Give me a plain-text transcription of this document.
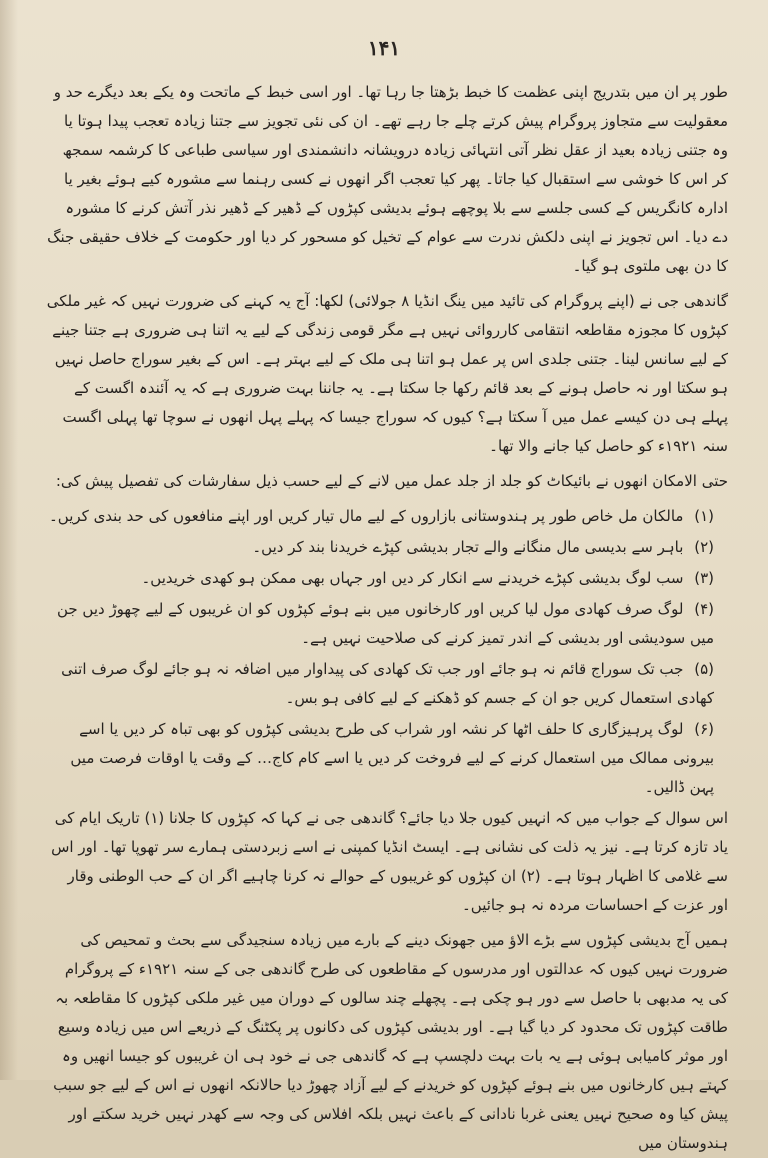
۱۴۱

طور پر ان میں بتدریج اپنی عظمت کا خبط بڑھتا جا رہا تھا۔ اور اسی خبط کے ماتحت وہ یکے بعد دیگرے حد و معقولیت سے متجاوز پروگرام پیش کرتے چلے جا رہے تھے۔ ان کی نئی تجویز سے جتنا زیادہ تعجب پیدا ہوتا یا وہ جتنی زیادہ بعید از عقل نظر آتی انتہائی زیادہ درویشانہ دانشمندی اور سیاسی طباعی کا کرشمہ سمجھ کر اس کا خوشی سے استقبال کیا جاتا۔ پھر کیا تعجب اگر انھوں نے کسی رہنما سے مشورہ کیے ہوئے بغیر یا ادارہ کانگریس کے کسی جلسے سے بلا پوچھے ہوئے بدیشی کپڑوں کے ڈھیر کے ڈھیر نذر آتش کرنے کا مشورہ دے دیا۔ اس تجویز نے اپنی دلکش ندرت سے عوام کے تخیل کو مسحور کر دیا اور حکومت کے خلاف حقیقی جنگ کا دن بھی ملتوی ہو گیا۔

گاندھی جی نے (اپنے پروگرام کی تائید میں ینگ انڈیا ۸ جولائی) لکھا: آج یہ کہنے کی ضرورت نہیں کہ غیر ملکی کپڑوں کا مجوزہ مقاطعہ انتقامی کارروائی نہیں ہے مگر قومی زندگی کے لیے یہ اتنا ہی ضروری ہے جتنا جینے کے لیے سانس لینا۔ جتنی جلدی اس پر عمل ہو اتنا ہی ملک کے لیے بہتر ہے۔ اس کے بغیر سوراج حاصل نہیں ہو سکتا اور نہ حاصل ہونے کے بعد قائم رکھا جا سکتا ہے۔ یہ جاننا بہت ضروری ہے کہ یہ آئندہ اگست کے پہلے ہی دن کیسے عمل میں آ سکتا ہے؟ کیوں کہ سوراج جیسا کہ پہلے پہل انھوں نے سوچا تھا پہلی اگست سنہ ۱۹۲۱ء کو حاصل کیا جانے والا تھا۔

حتی الامکان انھوں نے بائیکاٹ کو جلد از جلد عمل میں لانے کے لیے حسب ذیل سفارشات کی تفصیل پیش کی:

(۱) مالکان مل خاص طور پر ہندوستانی بازاروں کے لیے مال تیار کریں اور اپنے منافعوں کی حد بندی کریں۔

(۲) باہر سے بدیسی مال منگانے والے تجار بدیشی کپڑے خریدنا بند کر دیں۔

(۳) سب لوگ بدیشی کپڑے خریدنے سے انکار کر دیں اور جہاں بھی ممکن ہو کھدی خریدیں۔

(۴) لوگ صرف کھادی مول لیا کریں اور کارخانوں میں بنے ہوئے کپڑوں کو ان غریبوں کے لیے چھوڑ دیں جن میں سودیشی اور بدیشی کے اندر تمیز کرنے کی صلاحیت نہیں ہے۔

(۵) جب تک سوراج قائم نہ ہو جائے اور جب تک کھادی کی پیداوار میں اضافہ نہ ہو جائے لوگ صرف اتنی کھادی استعمال کریں جو ان کے جسم کو ڈھکنے کے لیے کافی ہو بس۔

(۶) لوگ پرہیزگاری کا حلف اٹھا کر نشہ اور شراب کی طرح بدیشی کپڑوں کو بھی تباہ کر دیں یا اسے بیرونی ممالک میں استعمال کرنے کے لیے فروخت کر دیں یا اسے کام کاج… کے وقت یا اوقات فرصت میں پہن ڈالیں۔

اس سوال کے جواب میں کہ انہیں کیوں جلا دیا جائے؟ گاندھی جی نے کہا کہ کپڑوں کا جلانا (۱) تاریک ایام کی یاد تازہ کرتا ہے۔ نیز یہ ذلت کی نشانی ہے۔ ایسٹ انڈیا کمپنی نے اسے زبردستی ہمارے سر تھوپا تھا۔ اور اس سے غلامی کا اظہار ہوتا ہے۔ (۲) ان کپڑوں کو غریبوں کے حوالے نہ کرنا چاہیے اگر ان کے حب الوطنی وقار اور عزت کے احساسات مردہ نہ ہو جائیں۔

ہمیں آج بدیشی کپڑوں سے بڑے الاؤ میں جھونک دینے کے بارے میں زیادہ سنجیدگی سے بحث و تمحیص کی ضرورت نہیں کیوں کہ عدالتوں اور مدرسوں کے مقاطعوں کی طرح گاندھی جی کے سنہ ۱۹۲۱ء کے پروگرام کی یہ مدبھی با حاصل سے دور ہو چکی ہے۔ پچھلے چند سالوں کے دوران میں غیر ملکی کپڑوں کا مقاطعہ بہ طاقت کپڑوں تک محدود کر دیا گیا ہے۔ اور بدیشی کپڑوں کی دکانوں پر پکٹنگ کے ذریعے اس میں زیادہ وسیع اور موثر کامیابی ہوئی ہے یہ بات بہت دلچسپ ہے کہ گاندھی جی نے خود ہی ان غریبوں کو جیسا انھیں وہ کہتے ہیں کارخانوں میں بنے ہوئے کپڑوں کو خریدنے کے لیے آزاد چھوڑ دیا حالانکہ انھوں نے اس کے لیے جو سبب پیش کیا وہ صحیح نہیں یعنی غربا نادانی کے باعث نہیں بلکہ افلاس کی وجہ سے کھدر نہیں خرید سکتے اور ہندوستان میں
